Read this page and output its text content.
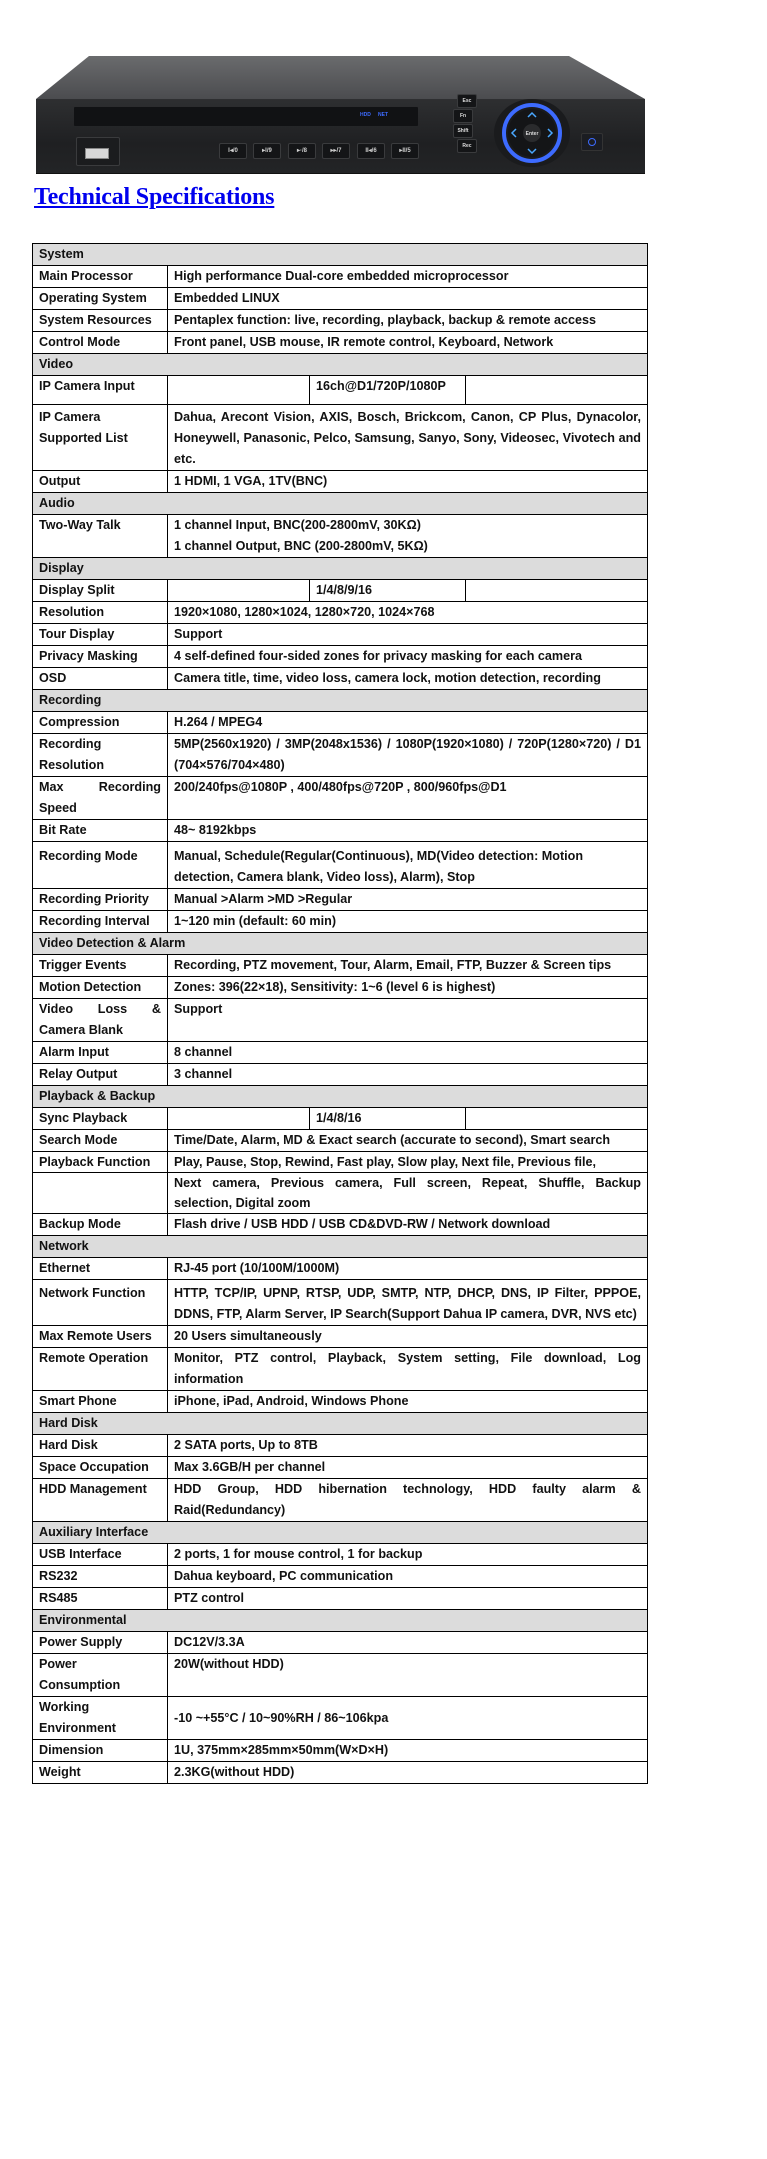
HDD NET
I◂/0	▸I/9	▸·/8	▸▸/7	II◂/6	▸II/5
Esc
Fn
Shift
Rec
Enter
Technical Specifications
System	
Main Processor	High performance Dual-core embedded microprocessor
Operating System	Embedded LINUX
System Resources	Pentaplex function: live, recording, playback, backup & remote access
Control Mode	Front panel, USB mouse, IR remote control, Keyboard, Network
Video	
IP Camera Input	16ch@D1/720P/1080P

IP Camera Supported List	Dahua, Arecont Vision, AXIS, Bosch, Brickcom, Canon, CP Plus, Dynacolor, Honeywell, Panasonic, Pelco, Samsung, Sanyo, Sony, Videosec, Vivotech and etc.
Output	1 HDMI, 1 VGA, 1TV(BNC)
Audio	
Two-Way Talk	1 channel Input, BNC(200-2800mV, 30KΩ)
1 channel Output, BNC (200-2800mV, 5KΩ)

Display	
Display Split	1/4/8/9/16

Resolution	1920×1080, 1280×1024, 1280×720, 1024×768
Tour Display	Support
Privacy Masking	4 self-defined four-sided zones for privacy masking for each camera
OSD	Camera title, time, video loss, camera lock, motion detection, recording
Recording	
Compression	H.264 / MPEG4
Recording Resolution	5MP(2560x1920) / 3MP(2048x1536) / 1080P(1920×1080) / 720P(1280×720) / D1 (704×576/704×480)

Max Recording
Speed	200/240fps@1080P , 400/480fps@720P , 800/960fps@D1
Bit Rate	48~ 8192kbps
Recording Mode	Manual, Schedule(Regular(Continuous), MD(Video detection: Motion detection, Camera blank, Video loss), Alarm), Stop
Recording Priority	Manual >Alarm >MD >Regular
Recording Interval	1~120 min (default: 60 min)
Video Detection & Alarm	
Trigger Events	Recording, PTZ movement, Tour, Alarm, Email, FTP, Buzzer & Screen tips
Motion Detection	Zones: 396(22×18), Sensitivity: 1~6 (level 6 is highest)

Video Loss &
Camera Blank	Support
Alarm Input	8 channel
Relay Output	3 channel
Playback & Backup	
Sync Playback	1/4/8/16

Search Mode	Time/Date, Alarm, MD & Exact search (accurate to second), Smart search
Playback Function	Play, Pause, Stop, Rewind, Fast play, Slow play, Next file, Previous file,
	Next camera, Previous camera, Full screen, Repeat, Shuffle, Backup selection, Digital zoom
Backup Mode	Flash drive / USB HDD / USB CD&DVD-RW / Network download
Network	
Ethernet	RJ-45 port (10/100M/1000M)
Network Function	HTTP, TCP/IP, UPNP, RTSP, UDP, SMTP, NTP, DHCP, DNS, IP Filter, PPPOE, DDNS, FTP, Alarm Server, IP Search(Support Dahua IP camera, DVR, NVS etc)
Max Remote Users	20 Users simultaneously
Remote Operation	Monitor, PTZ control, Playback, System setting, File download, Log information
Smart Phone	iPhone, iPad, Android, Windows Phone
Hard Disk	
Hard Disk	2 SATA ports, Up to 8TB
Space Occupation	Max 3.6GB/H per channel
HDD Management	HDD Group, HDD hibernation technology, HDD faulty alarm & Raid(Redundancy)
Auxiliary Interface	
USB Interface	2 ports, 1 for mouse control, 1 for backup
RS232	Dahua keyboard, PC communication
RS485	PTZ control
Environmental	
Power Supply	DC12V/3.3A
Power Consumption	20W(without HDD)

Working Environment	-10 ~+55°C / 10~90%RH / 86~106kpa
Dimension	1U, 375mm×285mm×50mm(W×D×H)
Weight	2.3KG(without HDD)
